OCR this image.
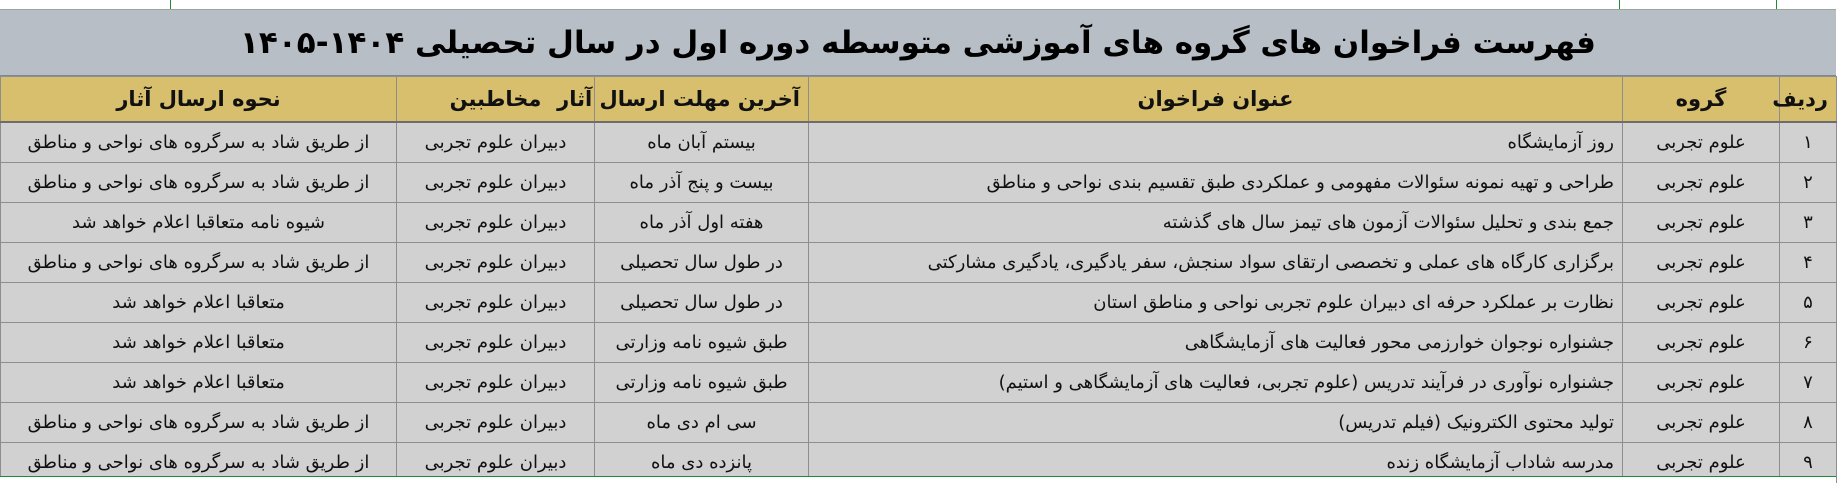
فهرست فراخوان های گروه های آموزشی متوسطه دوره اول در سال تحصیلی ۱۴۰۴-۱۴۰۵
ردیف	گروه	عنوان فراخوان	آخرین مهلت ارسال آثار	مخاطبین	نحوه ارسال آثار
۱	علوم تجربی	روز آزمایشگاه	بیستم آبان ماه	دبیران علوم تجربی	از طریق شاد به سرگروه های نواحی و مناطق
۲	علوم تجربی	طراحی و تهیه نمونه سئوالات مفهومی و عملکردی طبق تقسیم بندی نواحی و مناطق	بیست و پنج آذر ماه	دبیران علوم تجربی	از طریق شاد به سرگروه های نواحی و مناطق
۳	علوم تجربی	جمع بندی و تحلیل سئوالات آزمون های تیمز سال های گذشته	هفته اول آذر ماه	دبیران علوم تجربی	شیوه نامه متعاقبا اعلام خواهد شد
۴	علوم تجربی	برگزاری کارگاه های عملی و تخصصی ارتقای سواد سنجش، سفر یادگیری، یادگیری مشارکتی	در طول سال تحصیلی	دبیران علوم تجربی	از طریق شاد به سرگروه های نواحی و مناطق
۵	علوم تجربی	نظارت بر عملکرد حرفه ای دبیران علوم تجربی نواحی و مناطق استان	در طول سال تحصیلی	دبیران علوم تجربی	متعاقبا اعلام خواهد شد
۶	علوم تجربی	جشنواره نوجوان خوارزمی محور فعالیت های آزمایشگاهی	طبق شیوه نامه وزارتی	دبیران علوم تجربی	متعاقبا اعلام خواهد شد
۷	علوم تجربی	جشنواره نوآوری در فرآیند تدریس (علوم تجربی، فعالیت های آزمایشگاهی و استیم)	طبق شیوه نامه وزارتی	دبیران علوم تجربی	متعاقبا اعلام خواهد شد
۸	علوم تجربی	تولید محتوی الکترونیک (فیلم تدریس)	سی ام دی ماه	دبیران علوم تجربی	از طریق شاد به سرگروه های نواحی و مناطق
۹	علوم تجربی	مدرسه شاداب آزمایشگاه زنده	پانزده دی ماه	دبیران علوم تجربی	از طریق شاد به سرگروه های نواحی و مناطق
